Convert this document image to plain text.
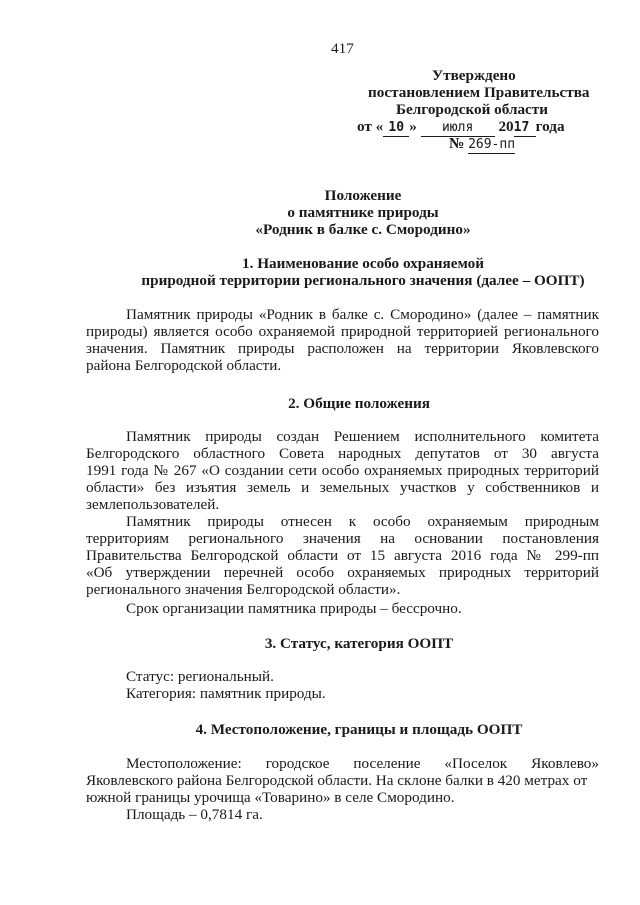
417
Утверждено
постановлением Правительства
Белгородской области
от « 10 » июля 2017 года
№ 269-пп
Положение
о памятнике природы
«Родник в балке с. Смородино»
1. Наименование особо охраняемой
природной территории регионального значения (далее – ООПТ)
Памятник природы «Родник в балке с. Смородино» (далее – памятник
природы) является особо охраняемой природной территорией регионального
значения. Памятник природы расположен на территории Яковлевского
района Белгородской области.
2. Общие положения
Памятник природы создан Решением исполнительного комитета
Белгородского областного Совета народных депутатов от 30 августа
1991 года № 267 «О создании сети особо охраняемых природных территорий
области» без изъятия земель и земельных участков у собственников и
землепользователей.
Памятник природы отнесен к особо охраняемым природным
территориям регионального значения на основании постановления
Правительства Белгородской области от 15 августа 2016 года № 299-пп
«Об утверждении перечней особо охраняемых природных территорий
регионального значения Белгородской области».
Срок организации памятника природы – бессрочно.
3. Статус, категория ООПТ
Статус: региональный.
Категория: памятник природы.
4. Местоположение, границы и площадь ООПТ
Местоположение: городское поселение «Поселок Яковлево»
Яковлевского района Белгородской области. На склоне балки в 420 метрах от
южной границы урочища «Товарино» в селе Смородино.
Площадь – 0,7814 га.
